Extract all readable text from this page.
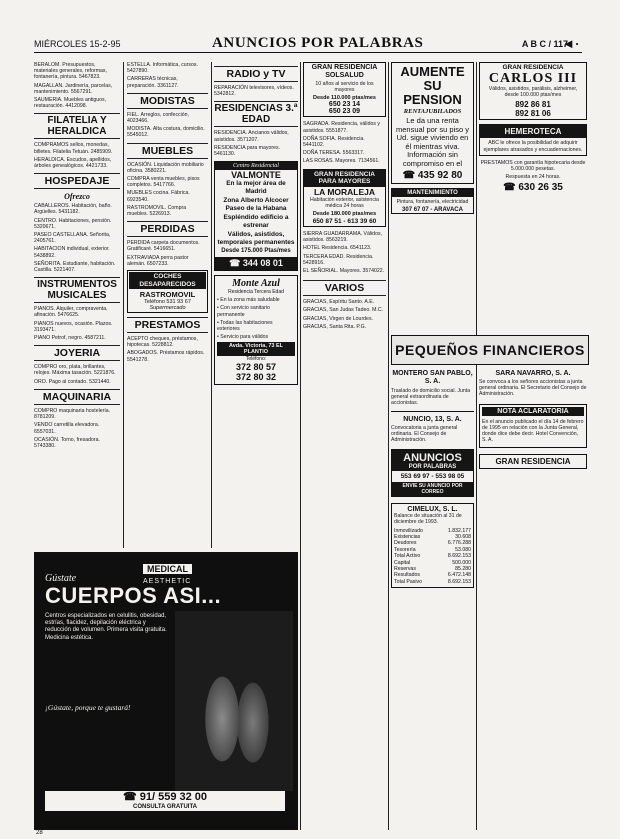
MIÉRCOLES 15-2-95	ANUNCIOS POR PALABRAS	A B C / 117
◄·

BERALOM. Presupuestos, materiales generales, reformas, fontanería, pintura. 5467823.

MAGALLAN. Jardinería, parcelas, mantenimiento. 5567291.

SAUMERIA. Muebles antiguos, restauración. 4412098.

FILATELIA Y HERALDICA

COMPRAMOS sellos, monedas, billetes. Filatelia Tetuán. 2485909.

HERALDICA. Escudos, apellidos, árboles genealógicos. 4421733.

HOSPEDAJE
Ofrezco

CABALLEROS. Habitación, baño. Argüelles. 5431182.

CENTRO. Habitaciones, pensión. 5320671.

PASEO CASTELLANA. Señorita, 2405761.

HABITACION individual, exterior. 5438892.

SEÑORITA. Estudiante, habitación. Castilla. 5221407.

INSTRUMENTOS MUSICALES

PIANOS. Alquiler, compraventa, afinación. 5476625.

PIANOS nuevos, ocasión. Plazos. 3193471.

PIANO Petrof, negro. 4587211.

JOYERIA

COMPRO oro, plata, brillantes, relojes. Máxima tasación. 5221876.

ORO. Pago al contado. 5321440.

MAQUINARIA

COMPRO maquinaria hostelería. 8781209.

VENDO carretilla elevadora. 6557031.

OCASIÓN. Torno, fresadora. 5743380.

ESTELLA. Informática, cursos. 5427890.

CARRERAS técnicas, preparación. 3361127.

MODISTAS

FIEL. Arreglos, confección, 4023466.

MODISTA. Alta costura, domicilio. 5545012.

MUEBLES

OCASIÓN. Liquidación mobiliario oficina. 3580221.

COMPRA venta muebles, pisos completos. 5417766.

MUEBLES cocina. Fábrica. 6923540.

RASTROMOVIL. Compra muebles. 5226913.

PERDIDAS

PERDIDA carpeta documentos. Gratificaré. 5416651.

EXTRAVIADA perra pastor alemán. 6507233.

COCHES DESAPARECIDOS
RASTROMOVIL
Teléfono 531 93 67
Supermercado
PRESTAMOS

ACEPTO cheques, préstamos, hipotecas. 5228812.

ABOGADOS. Préstamos rápidos. 5541278.

RADIO y TV

REPARACIÓN televisores, vídeos. 5342812.

RESIDENCIAS 3.ª EDAD

RESIDENCIA. Ancianos válidos, asistidos. 3571207.

RESIDENCIA para mayores. 5461130.

Centro Residencial
VALMONTE
En la mejor área de Madrid
Zona Alberto Alcocer Paseo de la Habana
Espléndido edificio a estrenar
Válidos, asistidos, temporales permanentes
Desde 175.000 Ptas/mes
☎ 344 08 01
Monte Azul
Residencia Tercera Edad
• En la zona más saludable
• Con servicio sanitario permanente
• Todas las habitaciones exteriores
• Servicio para válidos
Avda. Victoria, 73 EL PLANTIO
Teléfono:
372 80 57
372 80 32
GRAN RESIDENCIA SOLSALUD
10 años al servicio de los mayores
Desde 110.000 ptas/mes
650 23 14
650 23 09

SAGRADA. Residencia, válidos y asistidos. 5551877.

DOÑA SOFIA. Residencia. 5441102.

DOÑA TERESA. 5563317.

LAS ROSAS. Mayores. 7134561.

GRAN RESIDENCIA PARA MAYORES
LA MORALEJA
Habitación exterior, asistencia médica 24 horas
Desde 180.000 ptas/mes
650 87 51 - 613 39 60

SIERRA GUADARRAMA. Válidos, asistidos. 8563219.

HOTEL Residencia. 6541123.

TERCERA EDAD. Residencia. 5428916.

EL SEÑORIAL. Mayores. 3574022.

VARIOS

GRACIAS, Espíritu Santo. A.E.

GRACIAS, San Judas Tadeo. M.C.

GRACIAS, Virgen de Lourdes.

GRACIAS, Santa Rita. P.G.

AUMENTE
SU
PENSION
RENTAJUBILADOS
Le da una renta mensual por su piso y Ud. sigue viviendo en él mientras viva. Información sin compromiso en el
☎ 435 92 80
MANTENIMIENTO
Pintura, fontanería, electricidad
307 67 07 - ARAVACA
PEQUEÑOS FINANCIEROS
MONTERO SAN PABLO, S. A.

Traslado de domicilio social. Junta general extraordinaria de accionistas.

NUNCIO, 13, S. A.

Convocatoria a junta general ordinaria. El Consejo de Administración.

ANUNCIOS
POR PALABRAS
553 69 97 - 553 98 05
ENVIE SU ANUNCIO POR CORREO
CIMELUX, S. L.

Balance de situación al 31 de diciembre de 1993.

Inmovilizado	1.832.177
Existencias	30.608
Deudores	6.776.288
Tesorería	53.080
Total Activo	8.692.153
Capital	500.000
Reservas	85.280
Resultados	6.472.148
Total Pasivo	8.692.153
GRAN RESIDENCIA
CARLOS III
Válidos, asistidos, parálisis, alzheimer, desde 100.000 ptas/mes
892 86 81
892 81 06
HEMEROTECA
ABC le ofrece la posibilidad de adquirir ejemplares atrasados y encuadernaciones.

PRESTAMOS con garantía hipotecaria desde 5.000.000 pesetas.

Respuesta en 24 horas.

☎ 630 26 35
SARA NAVARRO, S. A.

Se convoca a los señores accionistas a junta general ordinaria. El Secretario del Consejo de Administración.

NOTA ACLARATORIA

En el anuncio publicado el día 14 de febrero de 1995 en relación con la Junta General, donde dice debe decir. Hotel Convención, S. A.

GRAN RESIDENCIA
MEDICAL
AESTHETIC
Gústate
CUERPOS ASI...
Centros especializados en celulitis, obesidad, estrías, flacidez, depilación eléctrica y reducción de volumen. Primera visita gratuita. Medicina estética.
¡Gústate, porque te gustará!
☎ 91/ 559 32 00
CONSULTA GRATUITA
28
